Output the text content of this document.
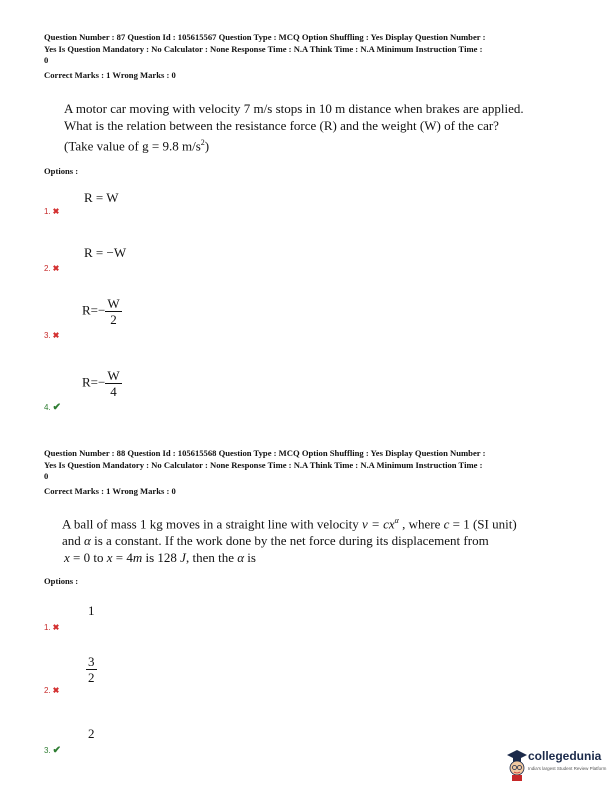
Question Number : 87 Question Id : 105615567 Question Type : MCQ Option Shuffling : Yes Display Question Number :
Yes Is Question Mandatory : No Calculator : None Response Time : N.A Think Time : N.A Minimum Instruction Time :
0
Correct Marks : 1 Wrong Marks : 0
A motor car moving with velocity 7 m/s stops in 10 m distance when brakes are applied.
What is the relation between the resistance force (R) and the weight (W) of the car?
(Take value of g = 9.8 $m/s^2$)
Options :
R = W
1. ✖
R = −W
2. ✖
$R=- \frac{W}{2}$
3. ✖
$R=- \frac{W}{4}$
4. ✔
Question Number : 88 Question Id : 105615568 Question Type : MCQ Option Shuffling : Yes Display Question Number :
Yes Is Question Mandatory : No Calculator : None Response Time : N.A Think Time : N.A Minimum Instruction Time :
0
Correct Marks : 1 Wrong Marks : 0
A ball of mass 1 kg moves in a straight line with velocity $v = cx^\alpha$ , where c = 1 (SI unit)
and α is a constant. If the work done by the net force during its displacement from
x = 0 to x = 4m is 128 J, then the α is
Options :
1
1. ✖
$\frac{3}{2}$
2. ✖
2
3. ✔	collegedunia
India's largest Student Review Platform
